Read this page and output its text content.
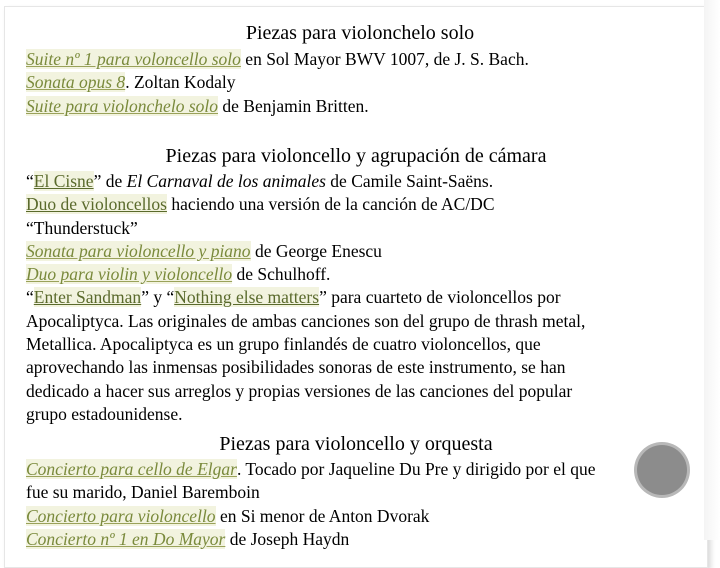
Piezas para violonchelo solo
Suite nº 1 para voloncello solo en Sol Mayor BWV 1007, de J. S. Bach.
Sonata opus 8. Zoltan Kodaly
Suite para violonchelo solo de Benjamin Britten.
Piezas para violoncello y agrupación de cámara
“El Cisne” de El Carnaval de los animales de Camile Saint-Saëns.
Duo de violoncellos haciendo una versión de la canción de AC/DC
“Thunderstuck”
Sonata para violoncello y piano de George Enescu
Duo para violin y violoncello de Schulhoff.
“Enter Sandman” y “Nothing else matters” para cuarteto de violoncellos por
Apocaliptyca. Las originales de ambas canciones son del grupo de thrash metal,
Metallica. Apocaliptyca es un grupo finlandés de cuatro violoncellos, que
aprovechando las inmensas posibilidades sonoras de este instrumento, se han
dedicado a hacer sus arreglos y propias versiones de las canciones del popular
grupo estadounidense.
Piezas para violoncello y orquesta
Concierto para cello de Elgar. Tocado por Jaqueline Du Pre y dirigido por el que
fue su marido, Daniel Baremboin
Concierto para violoncello en Si menor de Anton Dvorak
Concierto nº 1 en Do Mayor de Joseph Haydn
